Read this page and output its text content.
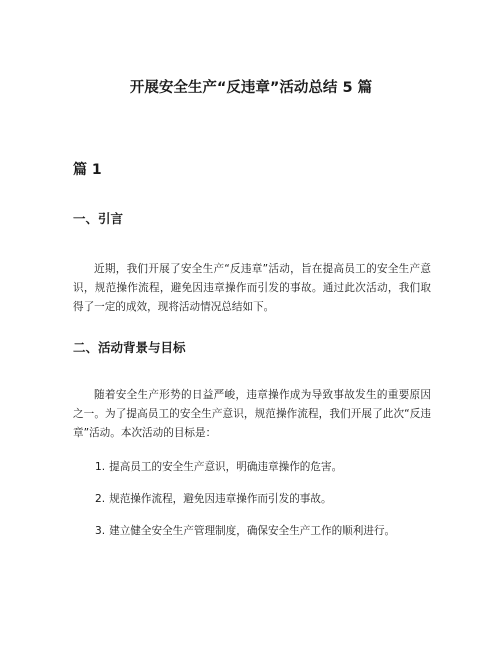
开展安全生产“反违章”活动总结 5 篇
篇 1
一、引言

近期，我们开展了安全生产“反违章”活动，旨在提高员工的安全生产意识，规范操作流程，避免因违章操作而引发的事故。通过此次活动，我们取得了一定的成效，现将活动情况总结如下。

二、活动背景与目标

随着安全生产形势的日益严峻，违章操作成为导致事故发生的重要原因之一。为了提高员工的安全生产意识，规范操作流程，我们开展了此次“反违章”活动。本次活动的目标是：

1. 提高员工的安全生产意识，明确违章操作的危害。
2. 规范操作流程，避免因违章操作而引发的事故。
3. 建立健全安全生产管理制度，确保安全生产工作的顺利进行。
